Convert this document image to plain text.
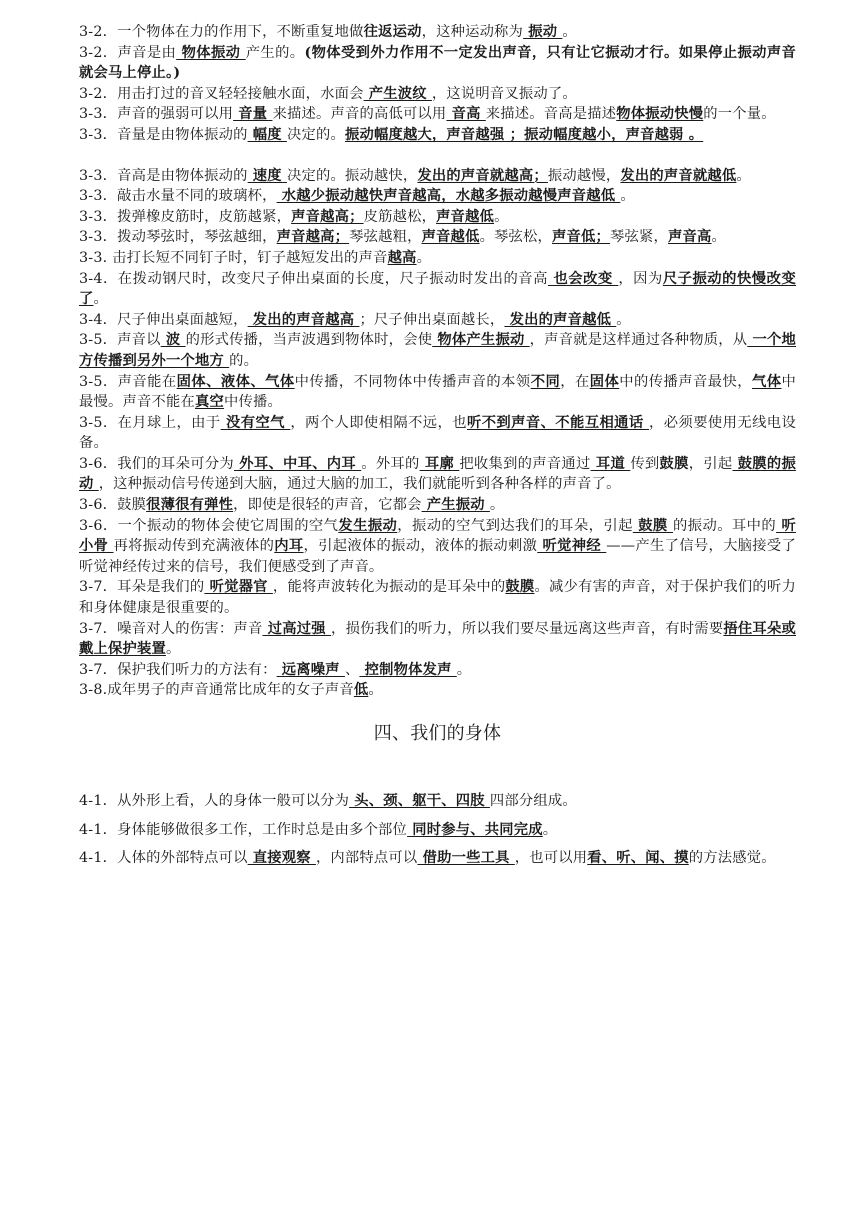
3-2．一个物体在力的作用下，不断重复地做往返运动，这种运动称为 振动 。

3-2．声音是由 物体振动 产生的。(物体受到外力作用不一定发出声音，只有让它振动才行。如果停止振动声音就会马上停止。)

3-2．用击打过的音叉轻轻接触水面，水面会 产生波纹 ，这说明音叉振动了。

3-3．声音的强弱可以用 音量 来描述。声音的高低可以用 音高 来描述。音高是描述物体振动快慢的一个量。

3-3．音量是由物体振动的 幅度 决定的。振动幅度越大，声音越强 ；振动幅度越小，声音越弱 。

3-3．音高是由物体振动的 速度 决定的。振动越快，发出的声音就越高；振动越慢，发出的声音就越低。

3-3．敲击水量不同的玻璃杯， 水越少振动越快声音越高，水越多振动越慢声音越低 。

3-3．拨弹橡皮筋时，皮筋越紧，声音越高；皮筋越松，声音越低。

3-3．拨动琴弦时，琴弦越细，声音越高；琴弦越粗，声音越低。琴弦松，声音低；琴弦紧，声音高。

3-3. 击打长短不同钉子时，钉子越短发出的声音越高。

3-4．在拨动钢尺时，改变尺子伸出桌面的长度，尺子振动时发出的音高 也会改变 ，因为尺子振动的快慢改变了。

3-4．尺子伸出桌面越短， 发出的声音越高 ；尺子伸出桌面越长， 发出的声音越低 。

3-5．声音以 波 的形式传播，当声波遇到物体时，会使 物体产生振动 ，声音就是这样通过各种物质，从 一个地方传播到另外一个地方 的。

3-5．声音能在固体、液体、气体中传播，不同物体中传播声音的本领不同，在固体中的传播声音最快，气体中最慢。声音不能在真空中传播。

3-5．在月球上，由于 没有空气 ，两个人即使相隔不远，也听不到声音、不能互相通话 ，必须要使用无线电设备。

3-6．我们的耳朵可分为 外耳、中耳、内耳 。外耳的 耳廓 把收集到的声音通过 耳道 传到鼓膜，引起 鼓膜的振动 ，这种振动信号传递到大脑，通过大脑的加工，我们就能听到各种各样的声音了。

3-6．鼓膜很薄很有弹性，即使是很轻的声音，它都会 产生振动 。

3-6．一个振动的物体会使它周围的空气发生振动，振动的空气到达我们的耳朵，引起 鼓膜 的振动。耳中的 听小骨 再将振动传到充满液体的内耳，引起液体的振动，液体的振动刺激 听觉神经 ——产生了信号，大脑接受了听觉神经传过来的信号，我们便感受到了声音。

3-7．耳朵是我们的 听觉器官 ，能将声波转化为振动的是耳朵中的鼓膜。减少有害的声音，对于保护我们的听力和身体健康是很重要的。

3-7．噪音对人的伤害：声音 过高过强 ，损伤我们的听力，所以我们要尽量远离这些声音，有时需要捂住耳朵或戴上保护装置。

3-7．保护我们听力的方法有： 远离噪声 、 控制物体发声 。

3-8.成年男子的声音通常比成年的女子声音低。

四、我们的身体

4-1．从外形上看，人的身体一般可以分为 头、颈、躯干、四肢 四部分组成。

4-1．身体能够做很多工作，工作时总是由多个部位 同时参与、共同完成。

4-1．人体的外部特点可以 直接观察 ，内部特点可以 借助一些工具 ，也可以用看、听、闻、摸的方法感觉。
